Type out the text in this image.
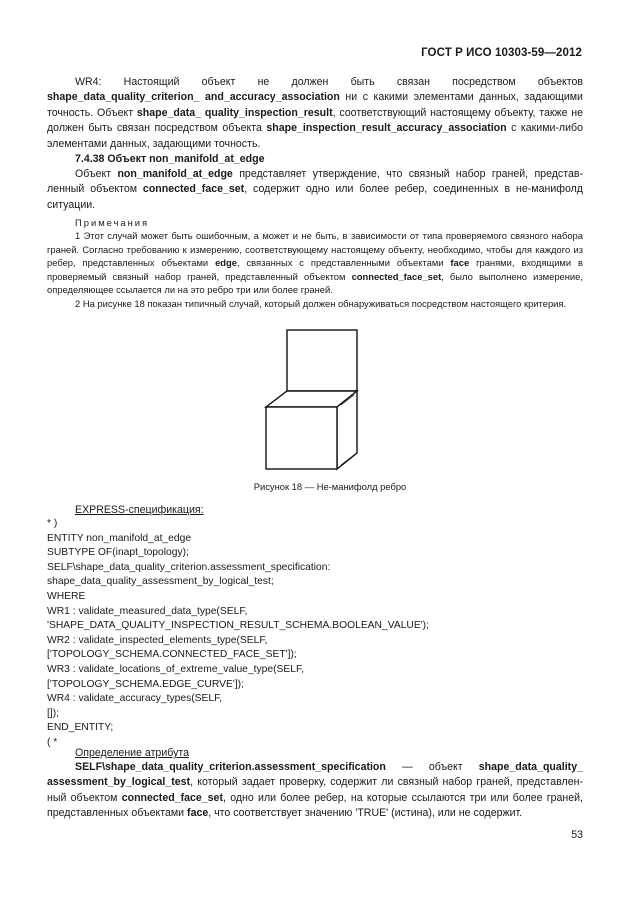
ГОСТ Р ИСО 10303-59—2012
WR4: Настоящий объект не должен быть связан посредством объектов shape_data_quality_criterion_ and_accuracy_association ни с какими элементами данных, задающими точность. Объект shape_data_ quality_inspection_result, соответствующий настоящему объекту, также не должен быть связан посредством объекта shape_inspection_result_accuracy_association с какими-либо элементами данных, задающими точность.
7.4.38 Объект non_manifold_at_edge
Объект non_manifold_at_edge представляет утверждение, что связный набор граней, представленный объектом connected_face_set, содержит одно или более ребер, соединенных в не-манифолд ситуации.
Примечания
1 Этот случай может быть ошибочным, а может и не быть, в зависимости от типа проверяемого связного набора граней. Согласно требованию к измерению, соответствующему настоящему объекту, необходимо, чтобы для каждого из ребер, представленных объектами edge, связанных с представленными объектами face гранями, входящими в проверяемый связный набор граней, представленный объектом connected_face_set, было выполнено измерение, определяющее ссылается ли на это ребро три или более граней.
2 На рисунке 18 показан типичный случай, который должен обнаруживаться посредством настоящего критерия.
Рисунок 18 — Не-манифолд ребро
EXPRESS-спецификация:
* )
ENTITY non_manifold_at_edge
SUBTYPE OF(inapt_topology);
SELF\shape_data_quality_criterion.assessment_specification:
shape_data_quality_assessment_by_logical_test;
WHERE
WR1 : validate_measured_data_type(SELF,
'SHAPE_DATA_QUALITY_INSPECTION_RESULT_SCHEMA.BOOLEAN_VALUE');
WR2 : validate_inspected_elements_type(SELF,
['TOPOLOGY_SCHEMA.CONNECTED_FACE_SET']);
WR3 : validate_locations_of_extreme_value_type(SELF,
['TOPOLOGY_SCHEMA.EDGE_CURVE']);
WR4 : validate_accuracy_types(SELF,
[]);
END_ENTITY;
( *
Определение атрибута
SELF\shape_data_quality_criterion.assessment_specification — объект shape_data_quality_ assessment_by_logical_test, который задает проверку, содержит ли связный набор граней, представленный объектом connected_face_set, одно или более ребер, на которые ссылаются три или более граней, представленных объектами face, что соответствует значению 'TRUE' (истина), или не содержит.
53
